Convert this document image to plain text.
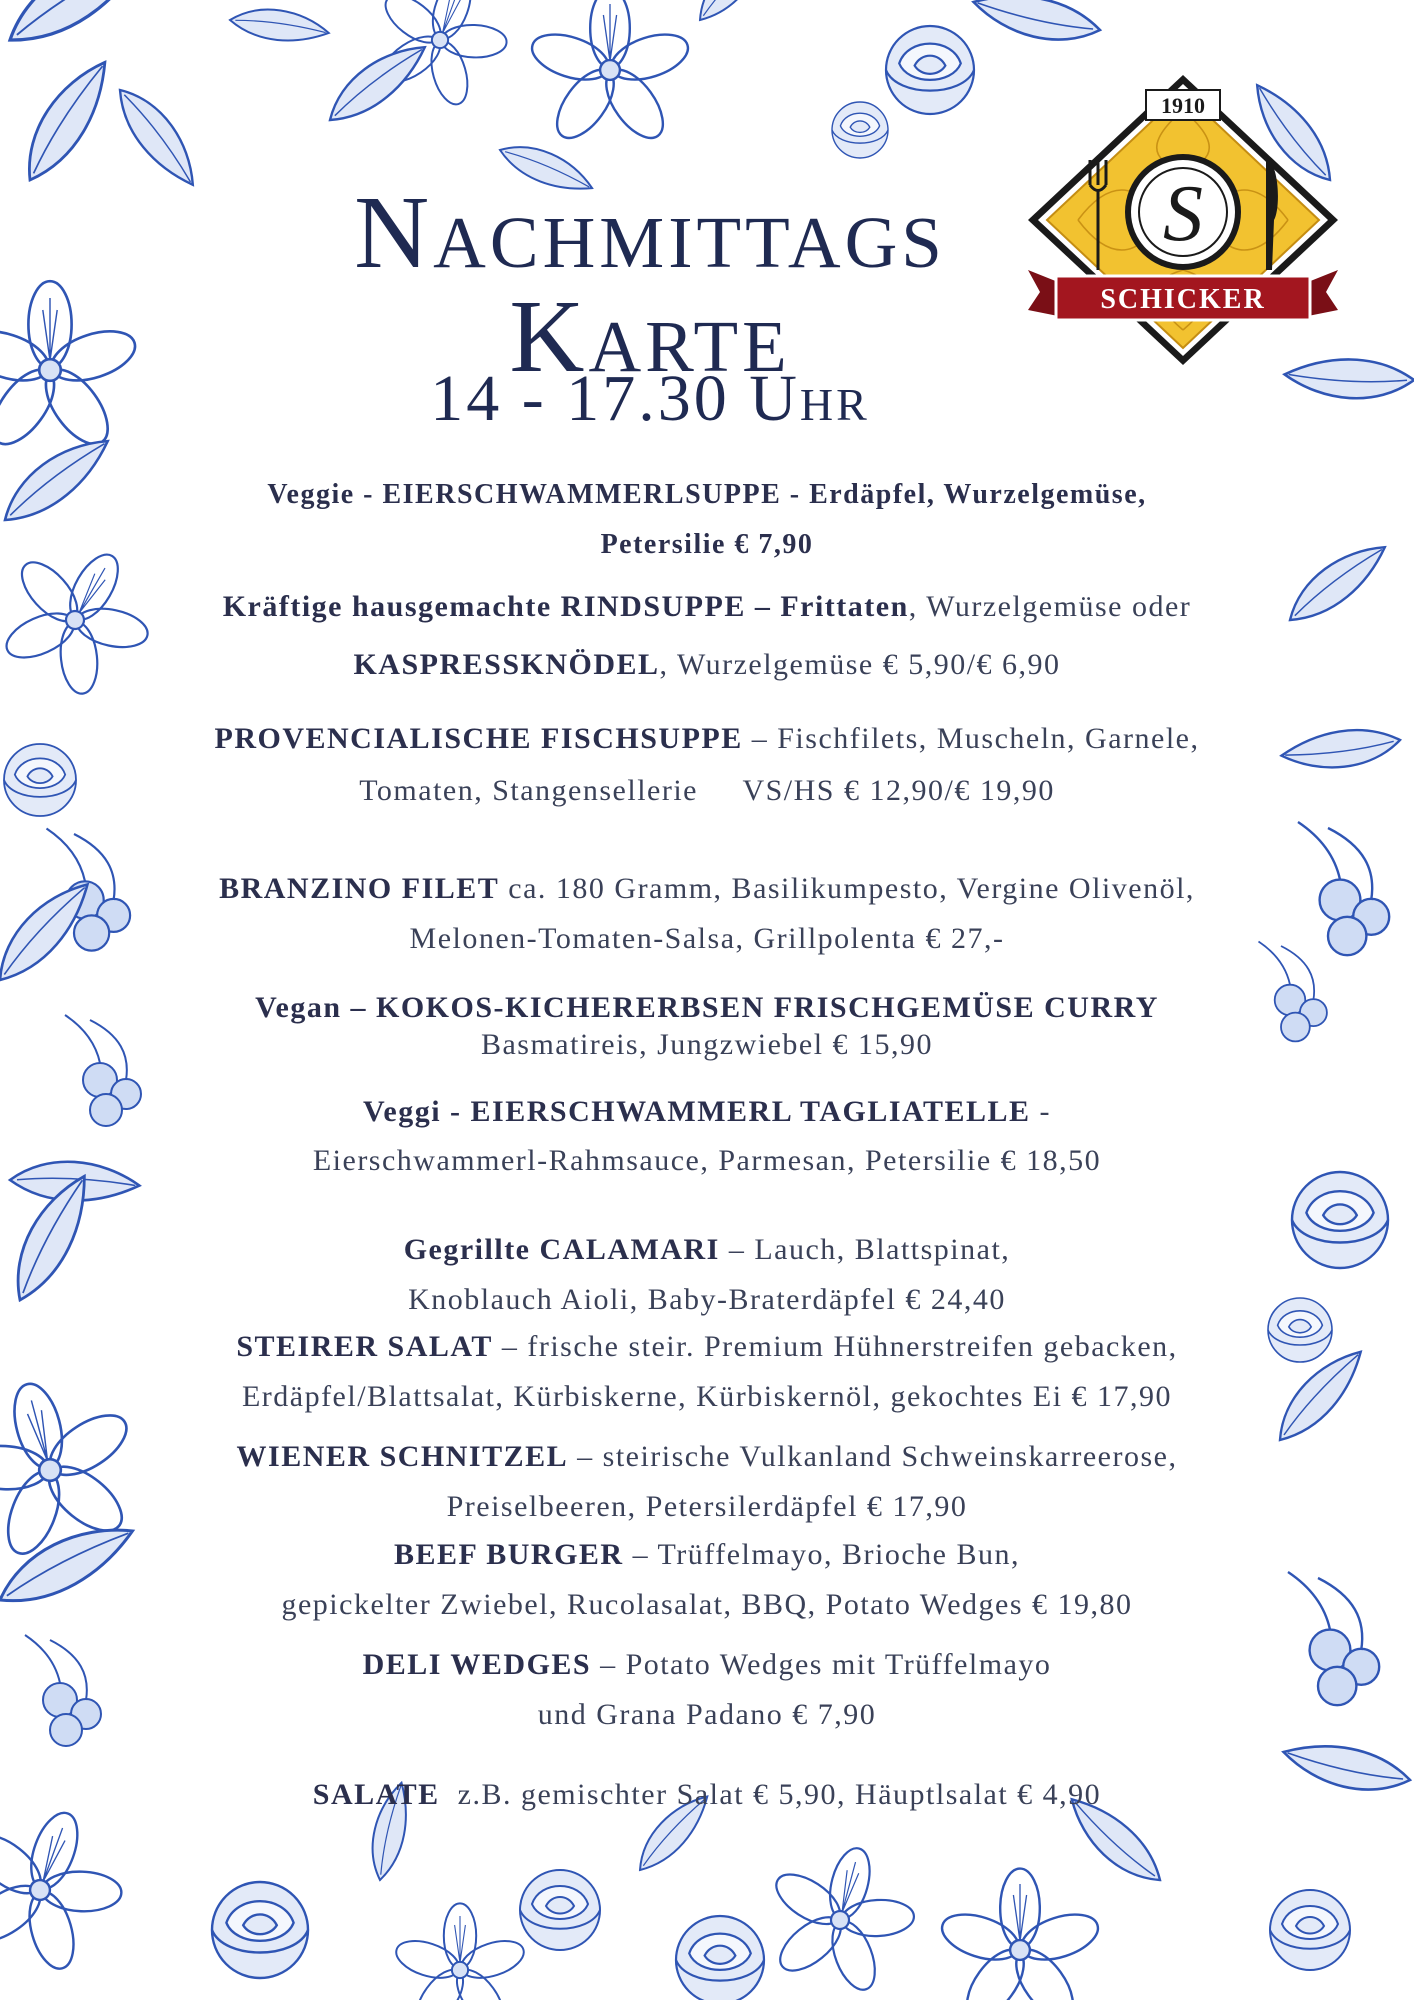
Nachmittags
Karte
14 - 17.30 Uhr
1910
S
SCHICKER
Veggie - EIERSCHWAMMERLSUPPE - Erdäpfel, Wurzelgemüse,
Petersilie € 7,90
Kräftige hausgemachte RINDSUPPE – Frittaten, Wurzelgemüse oder
KASPRESSKNÖDEL, Wurzelgemüse € 5,90/€ 6,90
PROVENCIALISCHE FISCHSUPPE – Fischfilets, Muscheln, Garnele,
Tomaten, Stangensellerie     VS/HS € 12,90/€ 19,90
BRANZINO FILET ca. 180 Gramm, Basilikumpesto, Vergine Olivenöl,
Melonen-Tomaten-Salsa, Grillpolenta € 27,-
Vegan – KOKOS-KICHERERBSEN FRISCHGEMÜSE CURRY
Basmatireis, Jungzwiebel € 15,90
Veggi - EIERSCHWAMMERL TAGLIATELLE -
Eierschwammerl-Rahmsauce, Parmesan, Petersilie € 18,50
Gegrillte CALAMARI – Lauch, Blattspinat,
Knoblauch Aioli, Baby-Braterdäpfel € 24,40
STEIRER SALAT – frische steir. Premium Hühnerstreifen gebacken,
Erdäpfel/Blattsalat, Kürbiskerne, Kürbiskernöl, gekochtes Ei € 17,90
WIENER SCHNITZEL – steirische Vulkanland Schweinskarreerose,
Preiselbeeren, Petersilerdäpfel € 17,90
BEEF BURGER – Trüffelmayo, Brioche Bun,
gepickelter Zwiebel, Rucolasalat, BBQ, Potato Wedges € 19,80
DELI WEDGES – Potato Wedges mit Trüffelmayo
und Grana Padano € 7,90
SALATE  z.B. gemischter Salat € 5,90, Häuptlsalat € 4,90
